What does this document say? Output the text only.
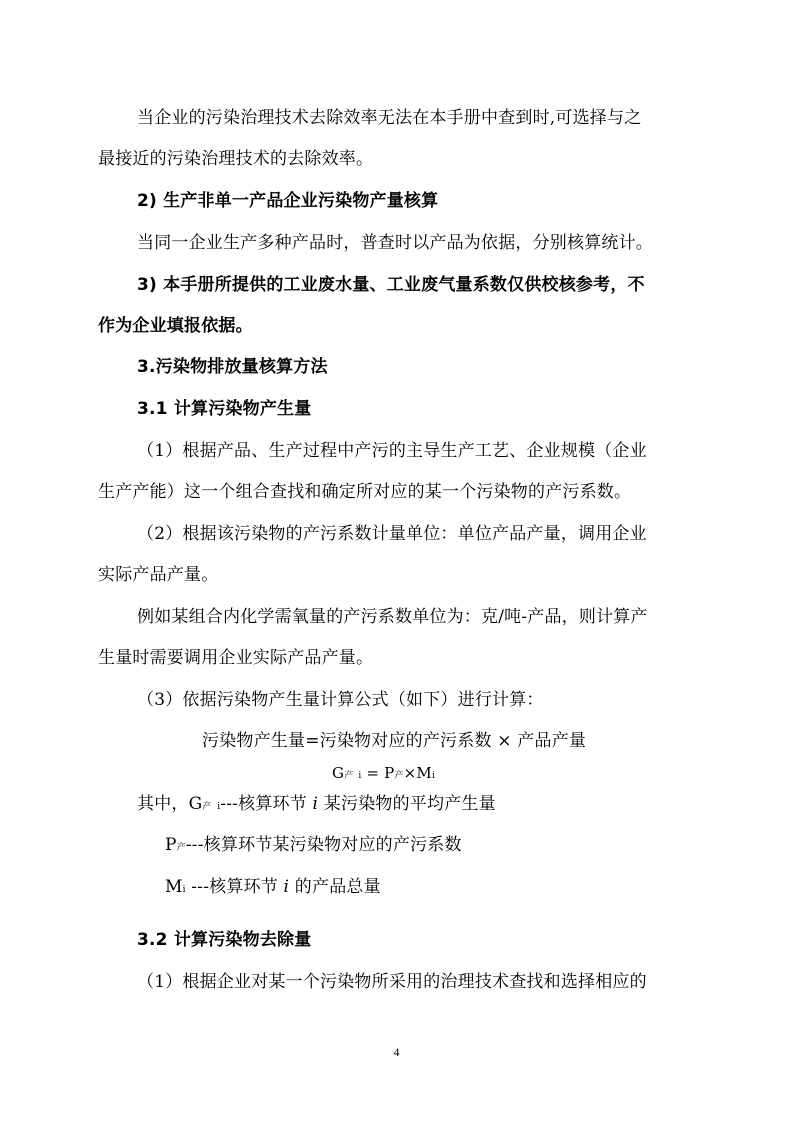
当企业的污染治理技术去除效率无法在本手册中查到时,可选择与之
最接近的污染治理技术的去除效率。
2) 生产非单一产品企业污染物产量核算
当同一企业生产多种产品时，普查时以产品为依据，分别核算统计。
3) 本手册所提供的工业废水量、工业废气量系数仅供校核参考，不
作为企业填报依据。
3.污染物排放量核算方法
3.1 计算污染物产生量
（1）根据产品、生产过程中产污的主导生产工艺、企业规模（企业
生产产能）这一个组合查找和确定所对应的某一个污染物的产污系数。
（2）根据该污染物的产污系数计量单位：单位产品产量，调用企业
实际产品产量。
例如某组合内化学需氧量的产污系数单位为：克/吨-产品，则计算产
生量时需要调用企业实际产品产量。
（3）依据污染物产生量计算公式（如下）进行计算：
污染物产生量=污染物对应的产污系数 × 产品产量
G产 i = P产×Mi
其中，G产 i---核算环节 i 某污染物的平均产生量
P产---核算环节某污染物对应的产污系数
Mi ---核算环节 i 的产品总量
3.2 计算污染物去除量
（1）根据企业对某一个污染物所采用的治理技术查找和选择相应的
4
